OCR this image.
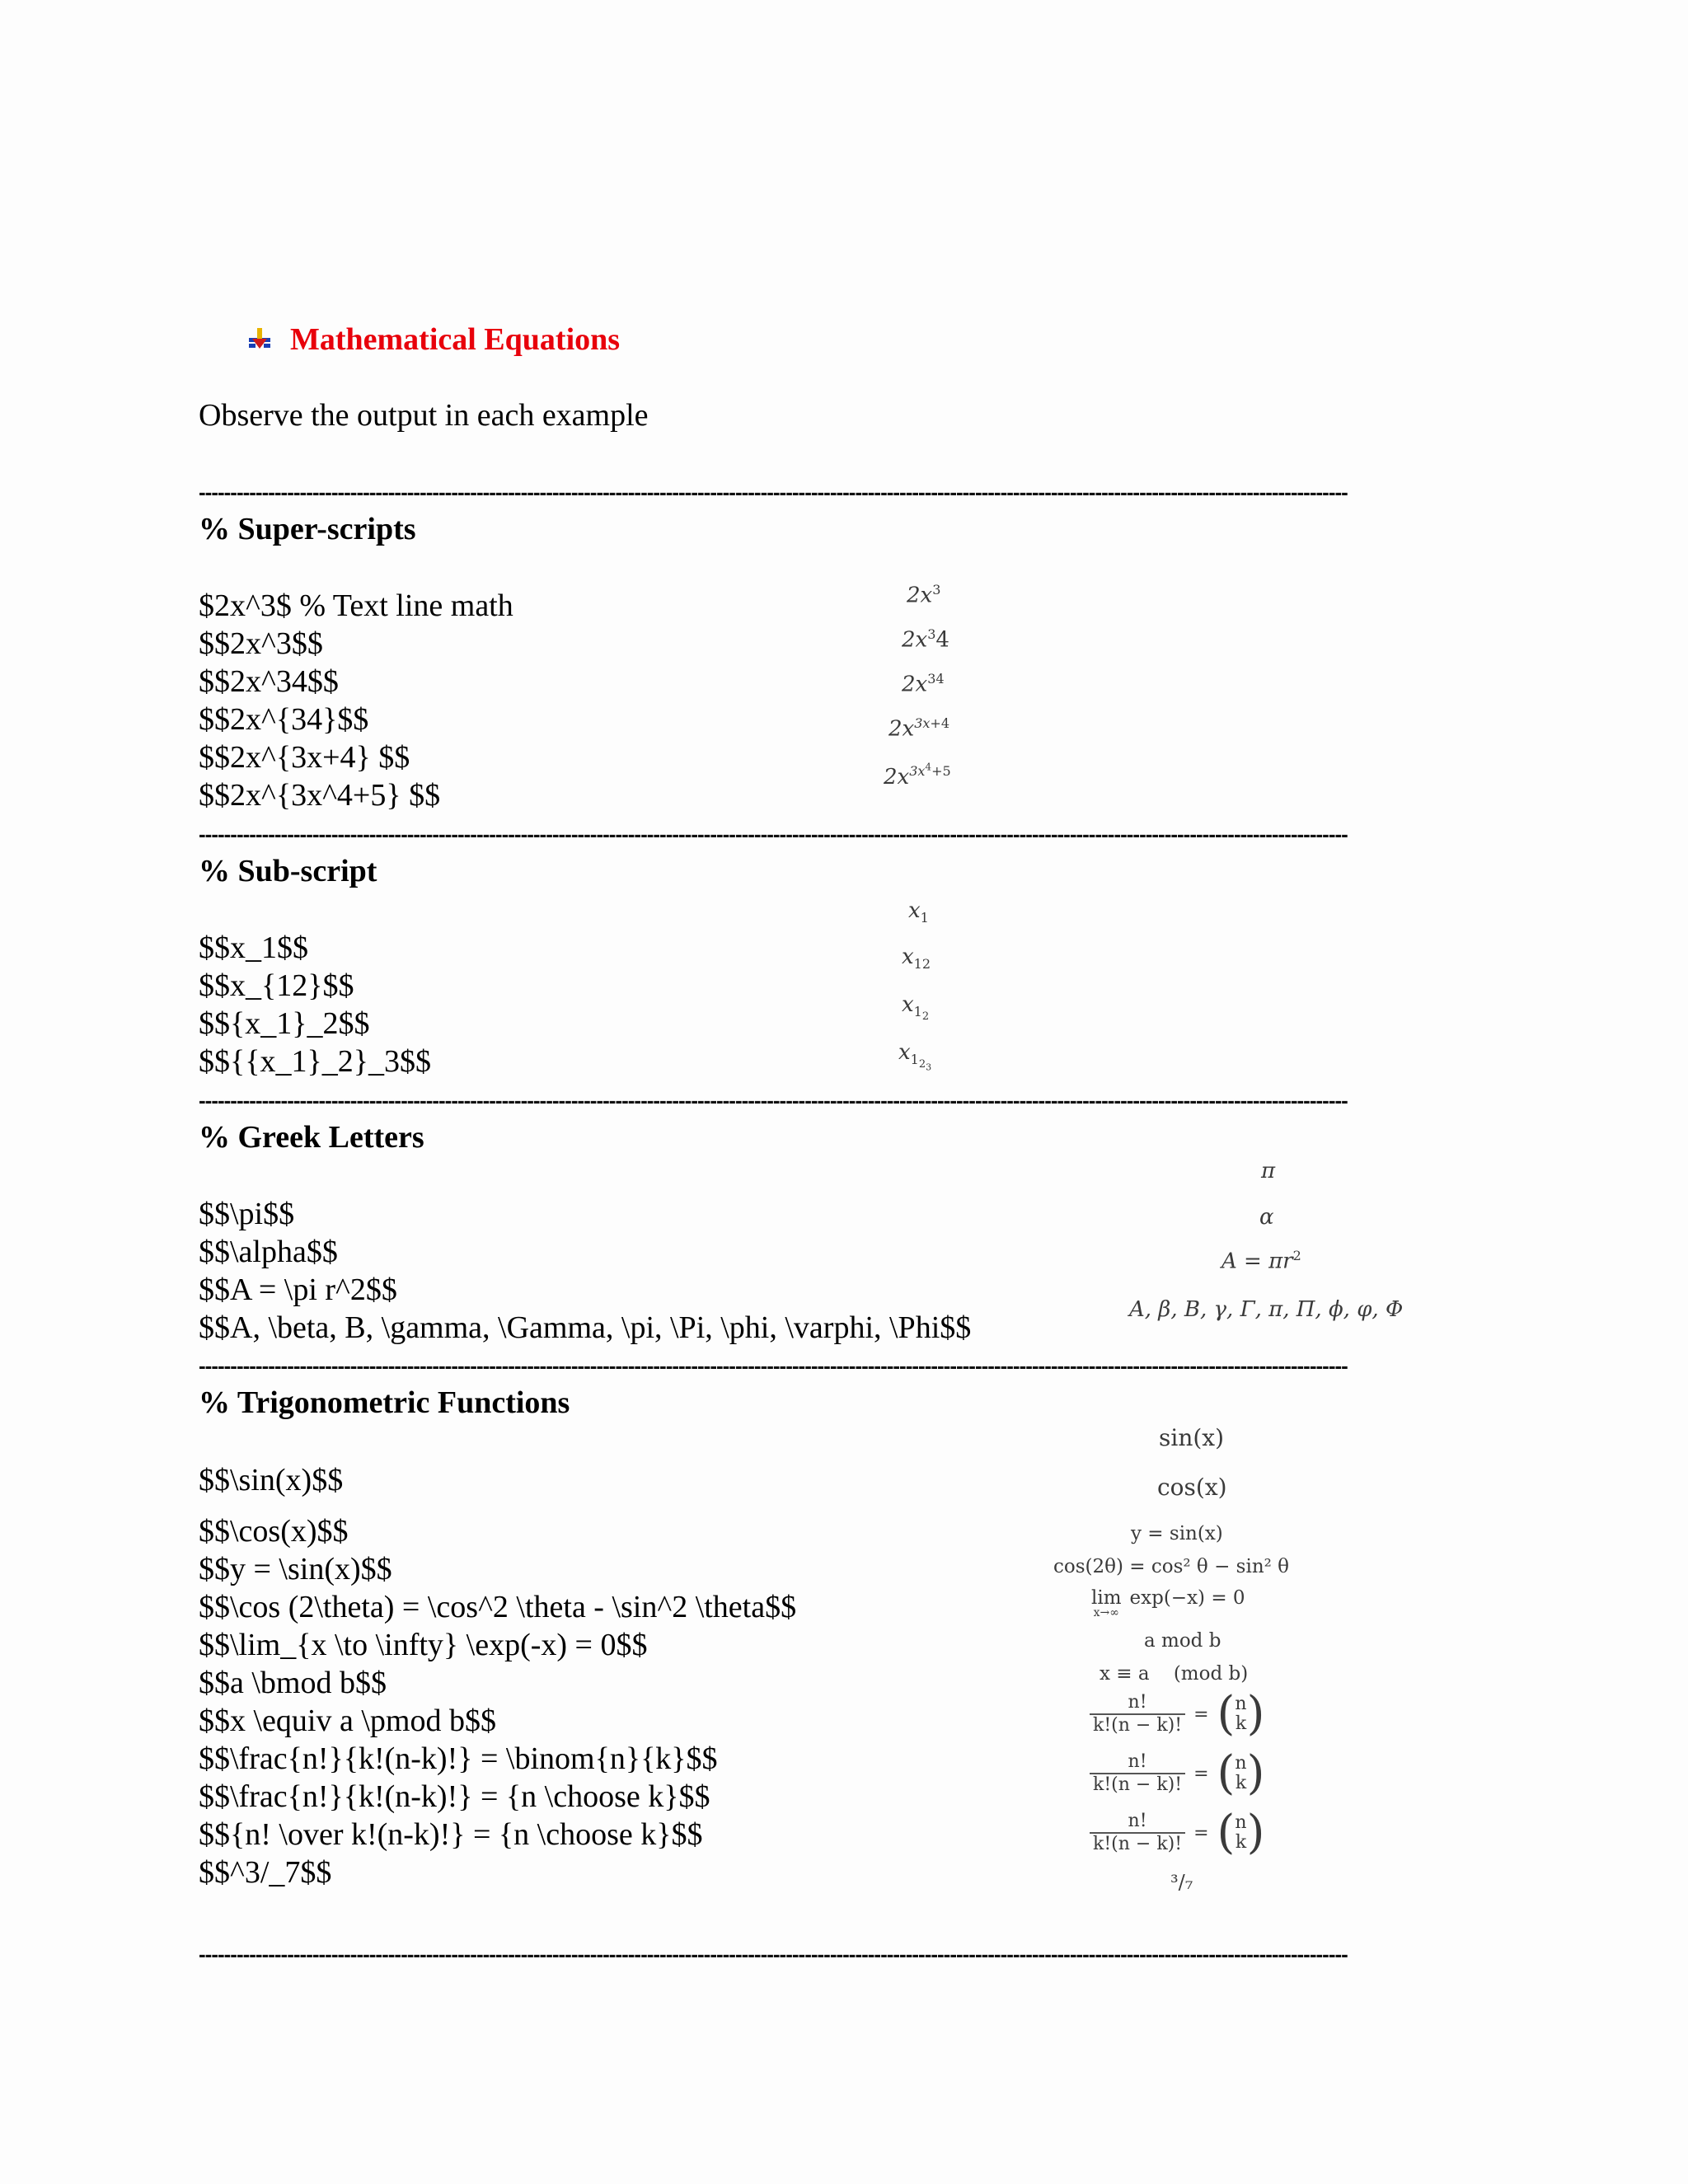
Mathematical Equations
Observe the output in each example
--------------------------------------------------------------------------------------------------------------------------------------------------------------------------------------
--------------------------------------------------------------------------------------------------------------------------------------------------------------------------------------
--------------------------------------------------------------------------------------------------------------------------------------------------------------------------------------
--------------------------------------------------------------------------------------------------------------------------------------------------------------------------------------
--------------------------------------------------------------------------------------------------------------------------------------------------------------------------------------
% Super-scripts
$2x^3$ % Text line math
$$2x^3$$
$$2x^34$$
$$2x^{34}$$
$$2x^{3x+4} $$
$$2x^{3x^4+5} $$
$2x^3$
$2x^34$
$2x^{34}$
$2x^{3x+4}$
$2x^{3x^4+5}$
% Sub-script
$$x_1$$
$$x_{12}$$
$${x_1}_2$$
$${{x_1}_2}_3$$
$x_1$
$x_{12}$
$x_{1_2}$
$x_{1_{2_3}}$
% Greek Letters
$$\pi$$
$$\alpha$$
$$A = \pi r^2$$
$$A, \beta, B, \gamma, \Gamma, \pi, \Pi, \phi, \varphi, \Phi$$
π
α
$A = \pi r^2$
A, β, B, γ, Γ, π, Π, ϕ, φ, Φ
% Trigonometric Functions
$$\sin(x)$$
$$\cos(x)$$
$$y = \sin(x)$$
$$\cos (2\theta) = \cos^2 \theta - \sin^2 \theta$$
$$\lim_{x \to \infty} \exp(-x) = 0$$
$$a \bmod b$$
$$x \equiv a \pmod b$$
$$\frac{n!}{k!(n-k)!} = \binom{n}{k}$$
$$\frac{n!}{k!(n-k)!} = {n \choose k}$$
$${n! \over k!(n-k)!} = {n \choose k}$$
$$^3/_7$$
sin(x)
cos(x)
y = sin(x)
cos(2θ) = cos² θ − sin² θ
lim
x→∞
exp(−x) = 0
a mod b
x ≡ a    (mod b)
$\frac{n!}{k!(n - k)!}$ = ( n
k )
$\frac{n!}{k!(n - k)!}$ = ( n
k )
$\frac{n!}{k!(n - k)!}$ = ( n
k )
³/₇
